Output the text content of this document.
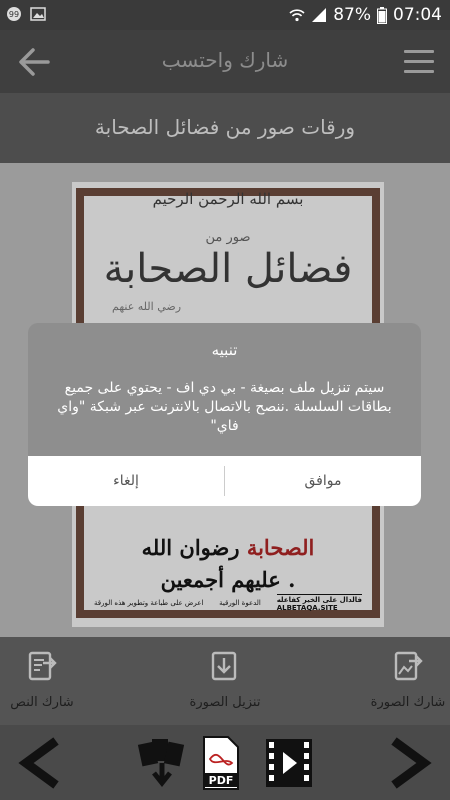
99	87% 07:04
شارك واحتسب
ورقات صور من فضائل الصحابة
بسم الله الرحمن الرحيم
صور من
فضائل الصحابة
رضي الله عنهم
الصحابة رضوان الله
عليهم أجمعين .
اعرض على طباعة وتطوير هذه الورقة الدعوة الورقية فالدال على الخير كفاعله
ALBETAQA.SITE
تنبيه
سيتم تنزيل ملف بصيغة - بي دي اف - يحتوي على جميع بطاقات السلسلة .ننصح بالاتصال بالانترنت عبر شبكة "واي فاي"
إلغاء	موافق
شارك النص	تنزيل الصورة	شارك الصورة
PDF
